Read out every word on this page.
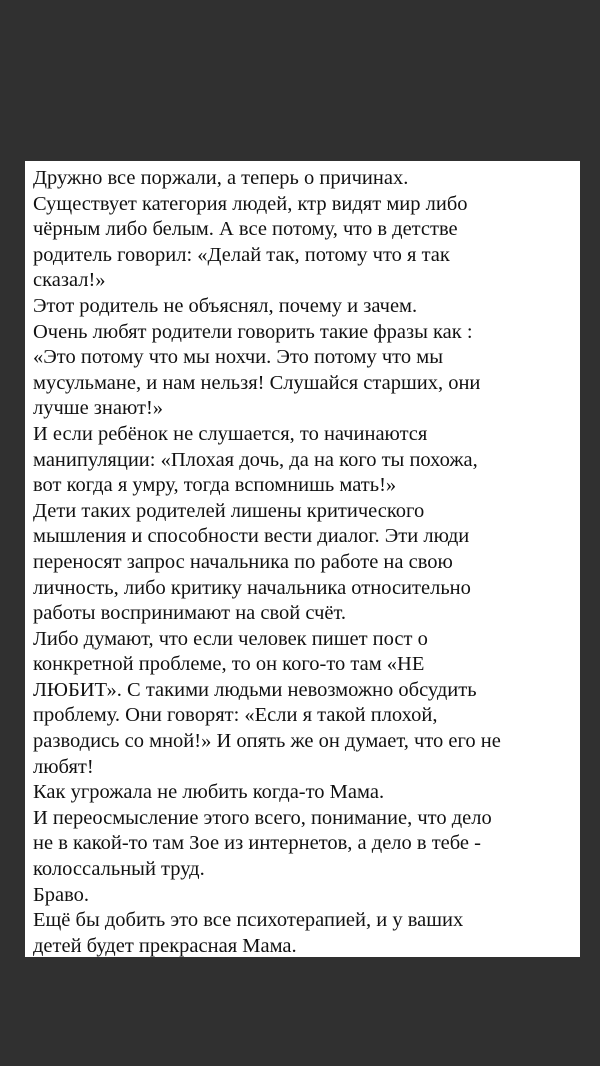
Дружно все поржали, а теперь о причинах.
Существует категория людей, ктр видят мир либо
чёрным либо белым. А все потому, что в детстве
родитель говорил: «Делай так, потому что я так
сказал!»
Этот родитель не объяснял, почему и зачем.
Очень любят родители говорить такие фразы как :
«Это потому что мы нохчи. Это потому что мы
мусульмане, и нам нельзя! Слушайся старших, они
лучше знают!»
И если ребёнок не слушается, то начинаются
манипуляции: «Плохая дочь, да на кого ты похожа,
вот когда я умру, тогда вспомнишь мать!»
Дети таких родителей лишены критического
мышления и способности вести диалог. Эти люди
переносят запрос начальника по работе на свою
личность, либо критику начальника относительно
работы воспринимают на свой счёт.
Либо думают, что если человек пишет пост о
конкретной проблеме, то он кого-то там «НЕ
ЛЮБИТ». С такими людьми невозможно обсудить
проблему. Они говорят: «Если я такой плохой,
разводись со мной!» И опять же он думает, что его не
любят!
Как угрожала не любить когда-то Мама.
И переосмысление этого всего, понимание, что дело
не в какой-то там Зое из интернетов, а дело в тебе -
колоссальный труд.
Браво.
Ещё бы добить это все психотерапией, и у ваших
детей будет прекрасная Мама.
